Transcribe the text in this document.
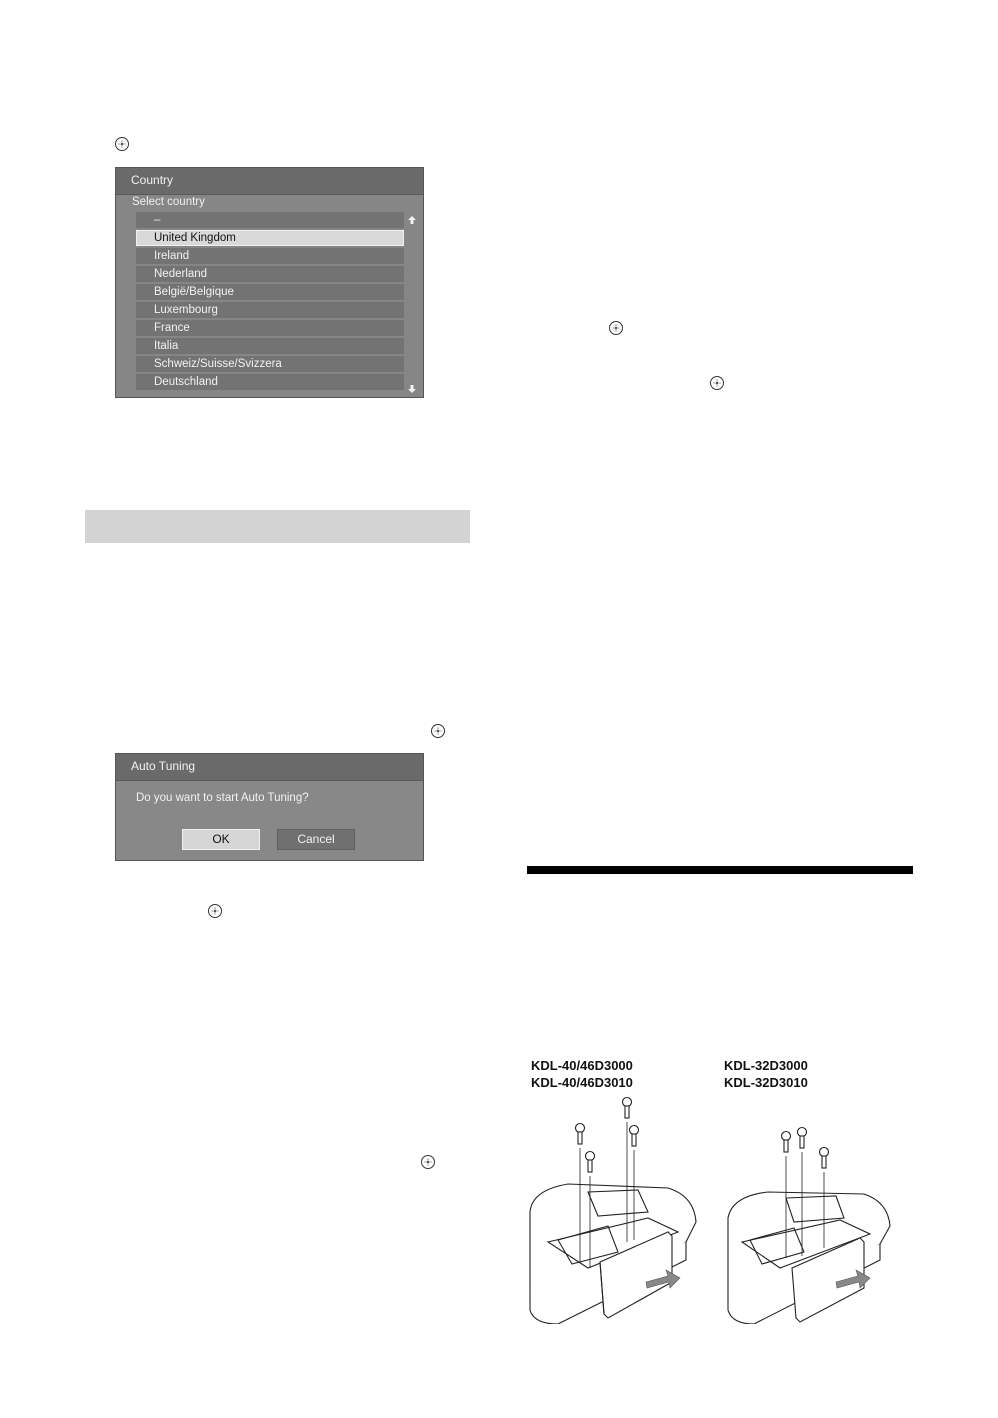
Country
Select country
–
United Kingdom
Ireland
Nederland
België/Belgique
Luxembourg
France
Italia
Schweiz/Suisse/Svizzera
Deutschland
Auto Tuning
Do you want to start Auto Tuning?
OK	Cancel
KDL-40/46D3000
KDL-40/46D3010
KDL-32D3000
KDL-32D3010
